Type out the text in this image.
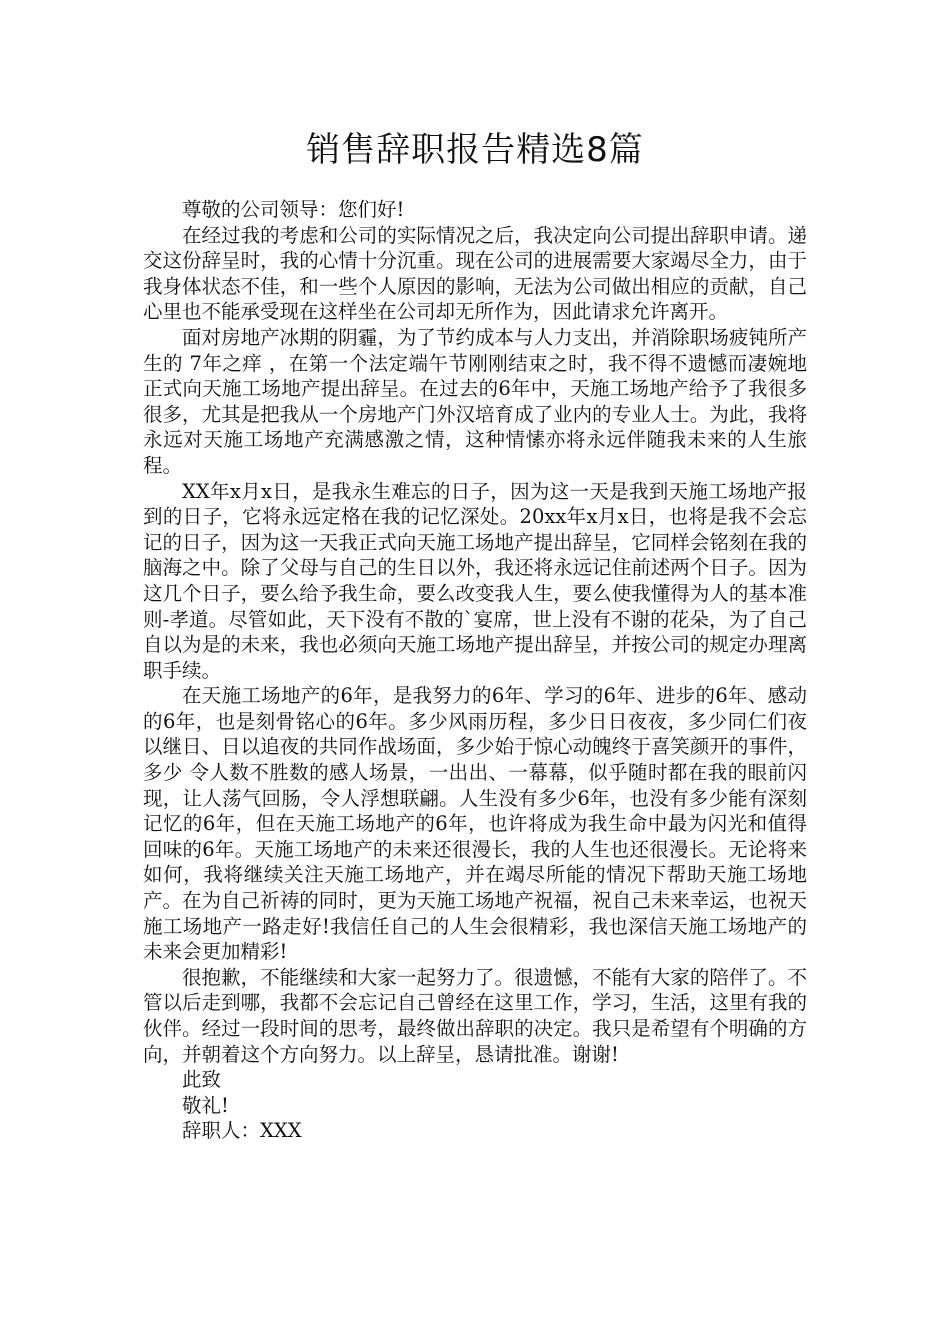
销售辞职报告精选8篇

尊敬的公司领导：您们好!

在经过我的考虑和公司的实际情况之后，我决定向公司提出辞职申请。递交这份辞呈时，我的心情十分沉重。现在公司的进展需要大家竭尽全力，由于我身体状态不佳，和一些个人原因的影响，无法为公司做出相应的贡献，自己心里也不能承受现在这样坐在公司却无所作为，因此请求允许离开。

面对房地产冰期的阴霾，为了节约成本与人力支出，并消除职场疲钝所产生的 7年之痒 ，在第一个法定端午节刚刚结束之时，我不得不遗憾而凄婉地正式向天施工场地产提出辞呈。在过去的6年中，天施工场地产给予了我很多很多，尤其是把我从一个房地产门外汉培育成了业内的专业人士。为此，我将永远对天施工场地产充满感激之情，这种情愫亦将永远伴随我未来的人生旅程。

XX年x月x日，是我永生难忘的日子，因为这一天是我到天施工场地产报到的日子，它将永远定格在我的记忆深处。20xx年x月x日，也将是我不会忘记的日子，因为这一天我正式向天施工场地产提出辞呈，它同样会铭刻在我的脑海之中。除了父母与自己的生日以外，我还将永远记住前述两个日子。因为这几个日子，要么给予我生命，要么改变我人生，要么使我懂得为人的基本准则-孝道。尽管如此，天下没有不散的`宴席，世上没有不谢的花朵，为了自己自以为是的未来，我也必须向天施工场地产提出辞呈，并按公司的规定办理离职手续。

在天施工场地产的6年，是我努力的6年、学习的6年、进步的6年、感动的6年，也是刻骨铭心的6年。多少风雨历程，多少日日夜夜，多少同仁们夜以继日、日以追夜的共同作战场面，多少始于惊心动魄终于喜笑颜开的事件，多少 令人数不胜数的感人场景，一出出、一幕幕，似乎随时都在我的眼前闪现，让人荡气回肠，令人浮想联翩。人生没有多少6年，也没有多少能有深刻记忆的6年，但在天施工场地产的6年，也许将成为我生命中最为闪光和值得回味的6年。天施工场地产的未来还很漫长，我的人生也还很漫长。无论将来如何，我将继续关注天施工场地产，并在竭尽所能的情况下帮助天施工场地产。在为自己祈祷的同时，更为天施工场地产祝福，祝自己未来幸运，也祝天施工场地产一路走好!我信任自己的人生会很精彩，我也深信天施工场地产的未来会更加精彩!

很抱歉，不能继续和大家一起努力了。很遗憾，不能有大家的陪伴了。不管以后走到哪，我都不会忘记自己曾经在这里工作，学习，生活，这里有我的伙伴。经过一段时间的思考，最终做出辞职的决定。我只是希望有个明确的方向，并朝着这个方向努力。以上辞呈，恳请批准。谢谢!

此致

敬礼!

辞职人：XXX
